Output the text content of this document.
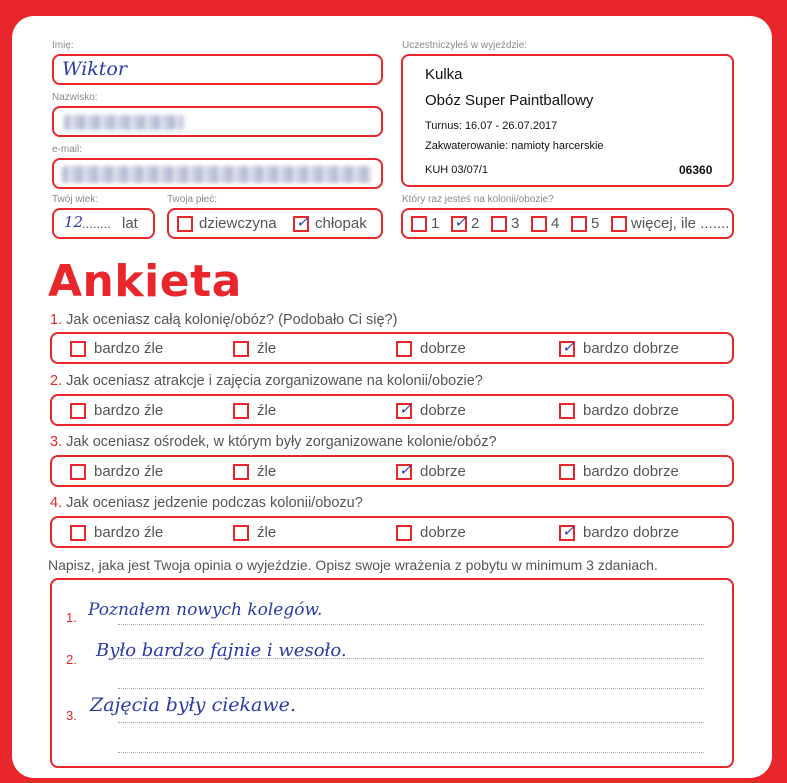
Imię:
Wiktor
Nazwisko:
e-mail:
Twój wiek:
12
........ lat
Twoja płeć:
dziewczyna ✓ chłopak
Uczestniczyłeś w wyjeździe:
Kulka
Obóz Super Paintballowy
Turnus: 16.07 - 26.07.2017
Zakwaterowanie: namioty harcerskie
KUH 03/07/1	06360
Który raz jesteś na kolonii/obozie?
1 ✓ 2 3 4 5 więcej, ile .......
Ankieta
1. Jak oceniasz całą kolonię/obóz? (Podobało Ci się?)
bardzo źle	źle	dobrze	✓ bardzo dobrze
2. Jak oceniasz atrakcje i zajęcia zorganizowane na kolonii/obozie?
bardzo źle	źle	✓ dobrze	bardzo dobrze
3. Jak oceniasz ośrodek, w którym były zorganizowane kolonie/obóz?
bardzo źle	źle	✓ dobrze	bardzo dobrze
4. Jak oceniasz jedzenie podczas kolonii/obozu?
bardzo źle	źle	dobrze	✓ bardzo dobrze
Napisz, jaka jest Twoja opinia o wyjeździe. Opisz swoje wrażenia z pobytu w minimum 3 zdaniach.
1. Poznałem nowych kolegów.
2. Było bardzo fajnie i wesoło.
3. Zajęcia były ciekawe.
